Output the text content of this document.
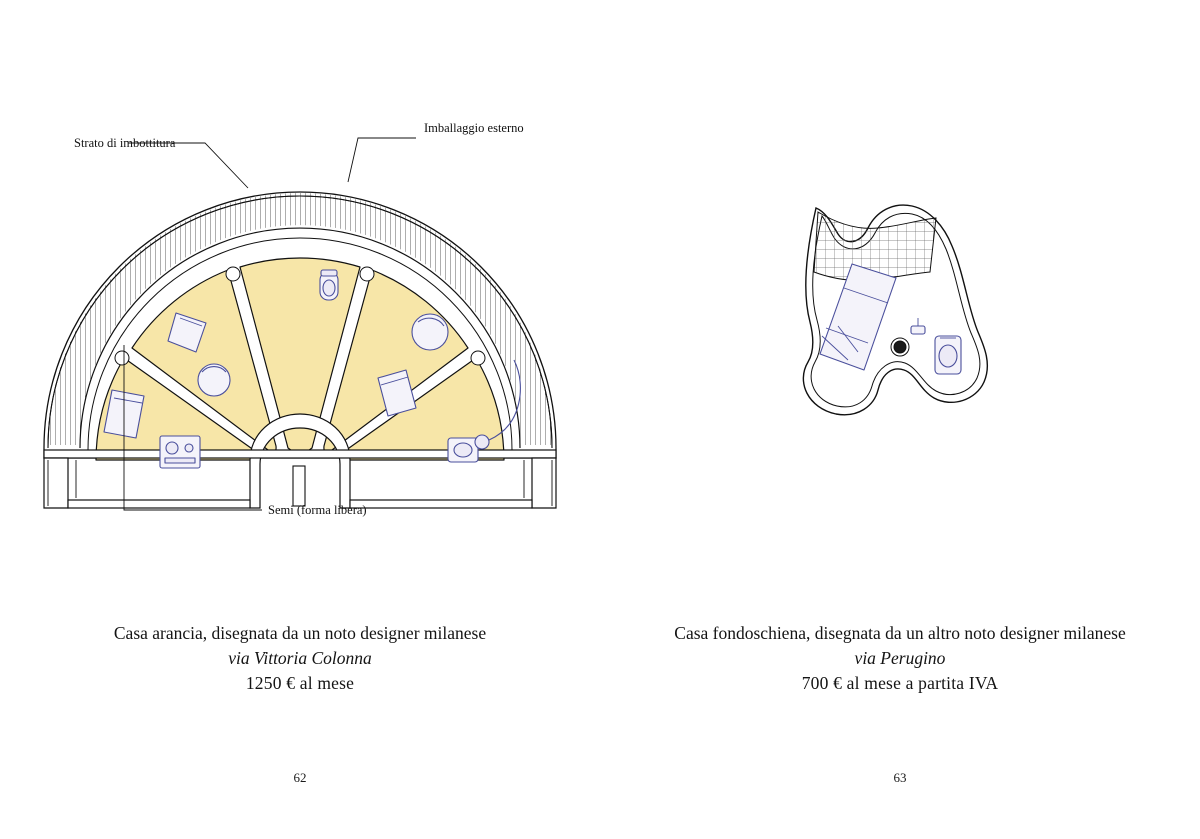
Strato di imbottitura
Imballaggio esterno
Semi (forma libera)
Casa arancia, disegnata da un noto designer milanese
via Vittoria Colonna
1250 € al mese
62
Casa fondoschiena, disegnata da un altro noto designer milanese
via Perugino
700 € al mese a partita IVA
63
